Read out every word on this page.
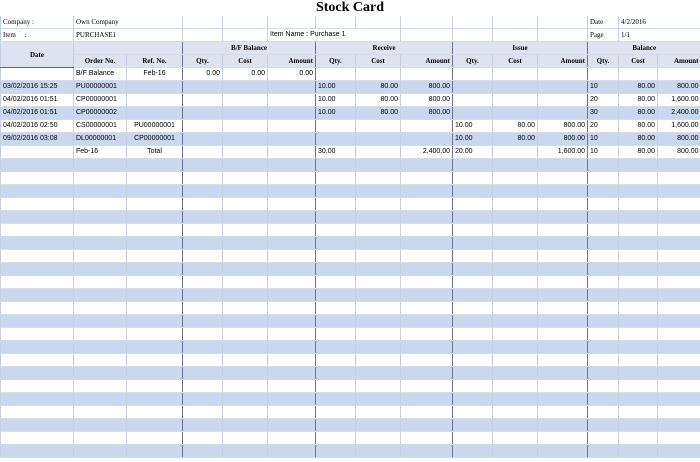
Stock Card
Company :	Own Company											Date	4/2/2016	
Item :	PURCHASE1				Item Name : Purchase 1							Page	1/1	
Date			B/F Balance			Receive			Issue			Balance		
	Order No.	Ref. No.	Qty.	Cost	Amount	Qty.	Cost	Amount	Qty.	Cost	Amount	Qty.	Cost	Amount
	B/F Balance	Feb-16	0.00	0.00	0.00									
03/02/2016 15:25	PU00000001					10.00	80.00	800.00				10	80.00	800.00
04/02/2016 01:51	CP00000001					10.00	80.00	800.00				20	80.00	1,600.00
04/02/2016 01:51	CP00000002					10.00	80.00	800.00				30	80.00	2,400.00
04/02/2016 02:50	CS00000001	PU00000001							10.00	80.00	800.00	20	80.00	1,600.00
09/02/2016 03:08	DL00000001	CP00000001							10.00	80.00	800.00	10	80.00	800.00
	Feb-16	Total				30.00		2,400.00	20.00		1,600.00	10	80.00	800.00
